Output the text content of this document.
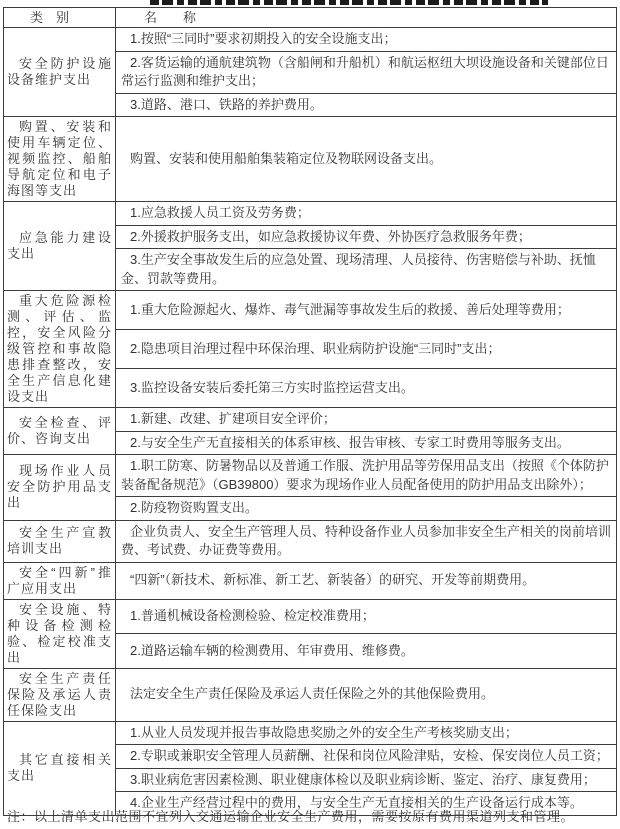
类　别	名　　称
安全防护设施设备维护支出	1.按照“三同时”要求初期投入的安全设施支出；
	2.客货运输的通航建筑物（含船闸和升船机）和航运枢纽大坝设施设备和关键部位日常运行监测和维护支出；
	3.道路、港口、铁路的养护费用。
购置、安装和使用车辆定位、视频监控、船舶导航定位和电子海图等支出	购置、安装和使用船舶集装箱定位及物联网设备支出。
应急能力建设支出	1.应急救援人员工资及劳务费；
	2.外援救护服务支出，如应急救援协议年费、外协医疗急救服务年费；
	3.生产安全事故发生后的应急处置、现场清理、人员接待、伤害赔偿与补助、抚恤金、罚款等费用。
重大危险源检测、评估、监控，安全风险分级管控和事故隐患排查整改，安全生产信息化建设支出	1.重大危险源起火、爆炸、毒气泄漏等事故发生后的救援、善后处理等费用；
	2.隐患项目治理过程中环保治理、职业病防护设施“三同时”支出；
	3.监控设备安装后委托第三方实时监控运营支出。
安全检查、评价、咨询支出	1.新建、改建、扩建项目安全评价；
	2.与安全生产无直接相关的体系审核、报告审核、专家工时费用等服务支出。
现场作业人员安全防护用品支出	1.职工防寒、防暑物品以及普通工作服、洗护用品等劳保用品支出（按照《个体防护装备配备规范》（GB39800）要求为现场作业人员配备使用的防护用品支出除外）；
	2.防疫物资购置支出。
安全生产宣教培训支出	企业负责人、安全生产管理人员、特种设备作业人员参加非安全生产相关的岗前培训费、考试费、办证费等费用。
安全“四新”推广应用支出	“四新”（新技术、新标准、新工艺、新装备）的研究、开发等前期费用。
安全设施、特种设备检测检验、检定校准支出	1.普通机械设备检测检验、检定校准费用；
	2.道路运输车辆的检测费用、年审费用、维修费。
安全生产责任保险及承运人责任保险支出	法定安全生产责任保险及承运人责任保险之外的其他保险费用。
其它直接相关支出	1.从业人员发现并报告事故隐患奖励之外的安全生产考核奖励支出；
	2.专职或兼职安全管理人员薪酬、社保和岗位风险津贴，安检、保安岗位人员工资；
	3.职业病危害因素检测、职业健康体检以及职业病诊断、鉴定、治疗、康复费用；
	4.企业生产经营过程中的费用，与安全生产无直接相关的生产设备运行成本等。
注：以上清单支出范围不宜列入交通运输企业安全生产费用，需要按原有费用渠道列支和管理。
